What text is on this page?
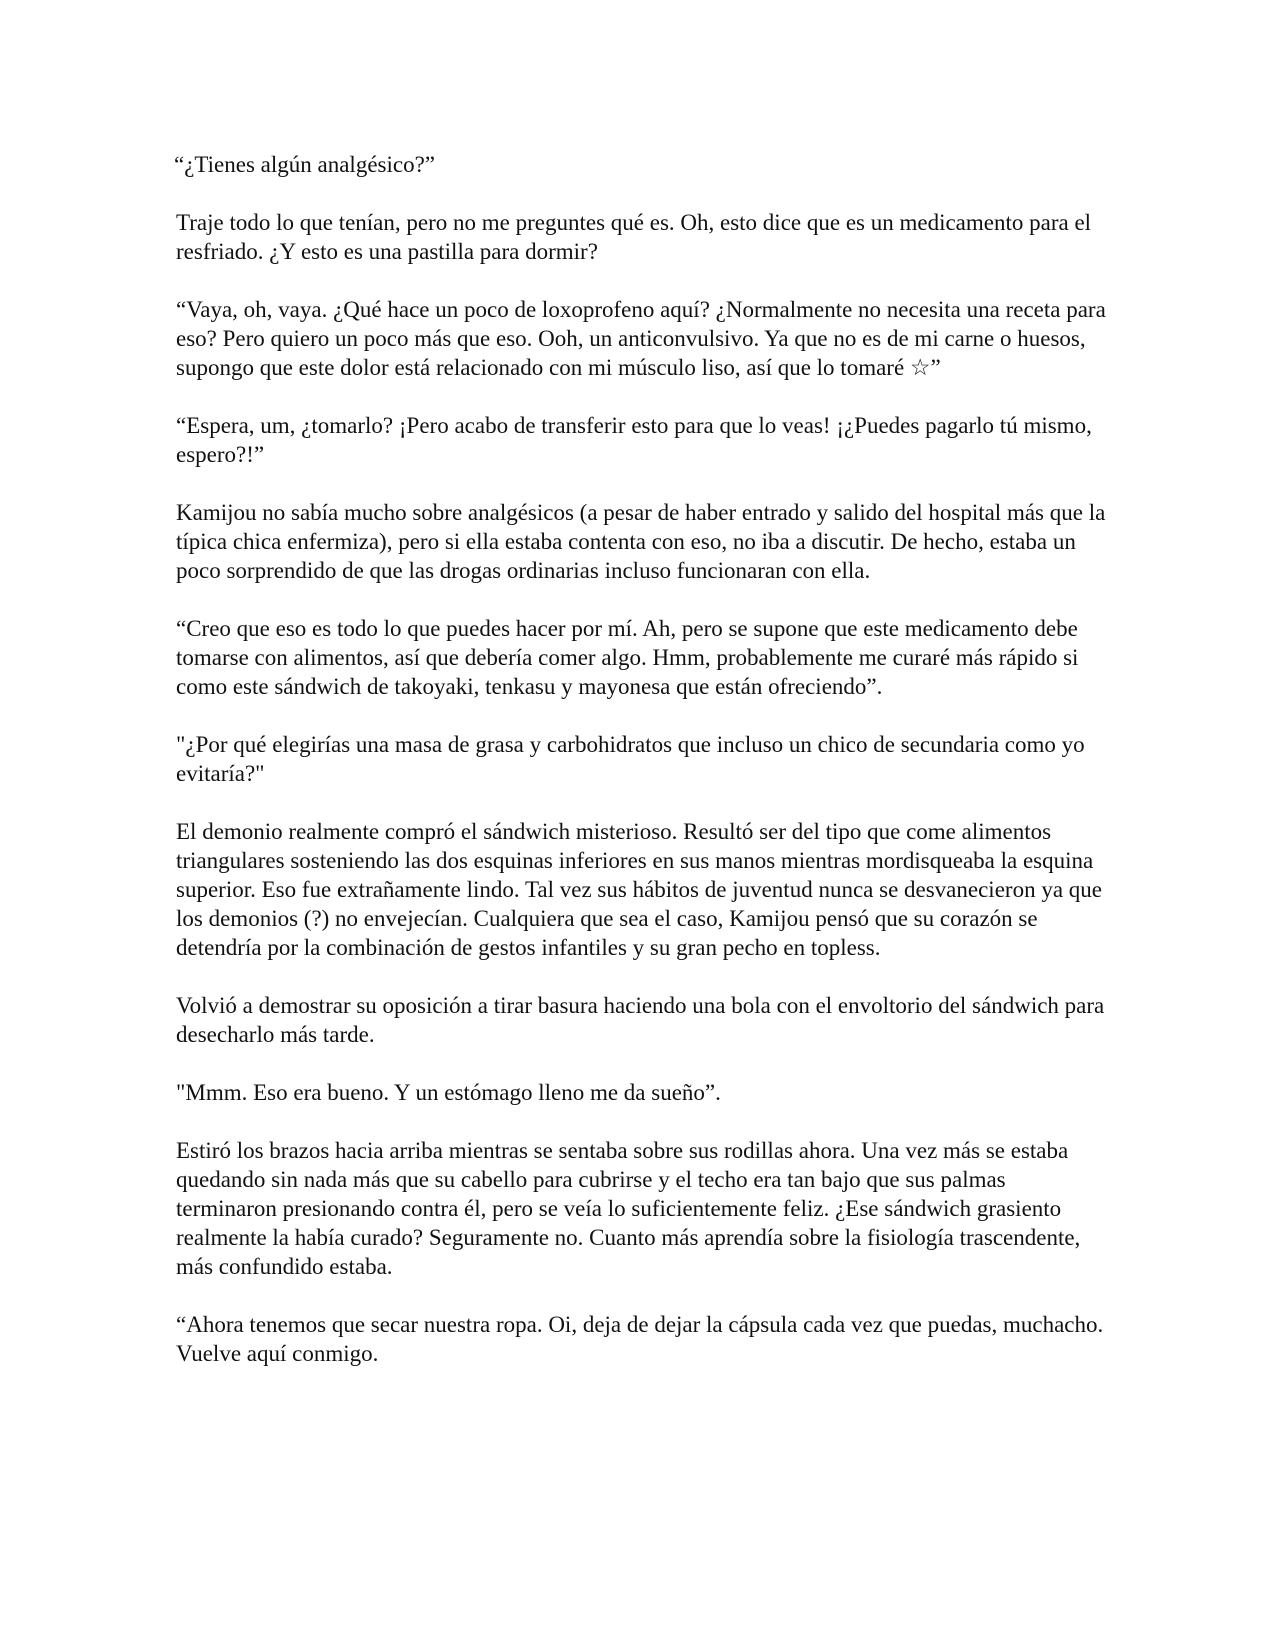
“¿Tienes algún analgésico?”

Traje todo lo que tenían, pero no me preguntes qué es. Oh, esto dice que es un medicamento para el resfriado. ¿Y esto es una pastilla para dormir?

“Vaya, oh, vaya. ¿Qué hace un poco de loxoprofeno aquí? ¿Normalmente no necesita una receta para eso? Pero quiero un poco más que eso. Ooh, un anticonvulsivo. Ya que no es de mi carne o huesos, supongo que este dolor está relacionado con mi músculo liso, así que lo tomaré ☆”

“Espera, um, ¿tomarlo? ¡Pero acabo de transferir esto para que lo veas! ¡¿Puedes pagarlo tú mismo, espero?!”

Kamijou no sabía mucho sobre analgésicos (a pesar de haber entrado y salido del hospital más que la típica chica enfermiza), pero si ella estaba contenta con eso, no iba a discutir. De hecho, estaba un poco sorprendido de que las drogas ordinarias incluso funcionaran con ella.

“Creo que eso es todo lo que puedes hacer por mí. Ah, pero se supone que este medicamento debe tomarse con alimentos, así que debería comer algo. Hmm, probablemente me curaré más rápido si como este sándwich de takoyaki, tenkasu y mayonesa que están ofreciendo”.

"¿Por qué elegirías una masa de grasa y carbohidratos que incluso un chico de secundaria como yo evitaría?"

El demonio realmente compró el sándwich misterioso. Resultó ser del tipo que come alimentos triangulares sosteniendo las dos esquinas inferiores en sus manos mientras mordisqueaba la esquina superior. Eso fue extrañamente lindo. Tal vez sus hábitos de juventud nunca se desvanecieron ya que los demonios (?) no envejecían. Cualquiera que sea el caso, Kamijou pensó que su corazón se detendría por la combinación de gestos infantiles y su gran pecho en topless.

Volvió a demostrar su oposición a tirar basura haciendo una bola con el envoltorio del sándwich para desecharlo más tarde.

"Mmm. Eso era bueno. Y un estómago lleno me da sueño”.

Estiró los brazos hacia arriba mientras se sentaba sobre sus rodillas ahora. Una vez más se estaba quedando sin nada más que su cabello para cubrirse y el techo era tan bajo que sus palmas terminaron presionando contra él, pero se veía lo suficientemente feliz. ¿Ese sándwich grasiento realmente la había curado? Seguramente no. Cuanto más aprendía sobre la fisiología trascendente, más confundido estaba.

“Ahora tenemos que secar nuestra ropa. Oi, deja de dejar la cápsula cada vez que puedas, muchacho. Vuelve aquí conmigo.
